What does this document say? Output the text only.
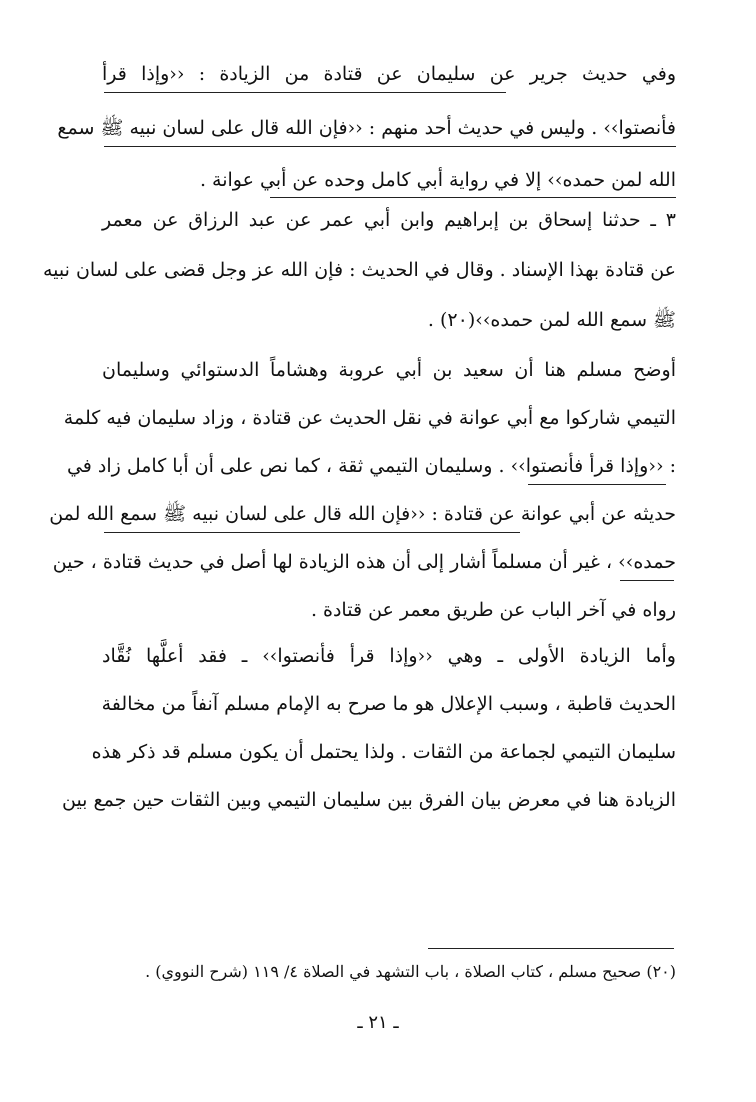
وفي حديث جرير عن سليمان عن قتادة من الزيادة : ‹‹وإذا قرأ
فأنصتوا›› . وليس في حديث أحد منهم : ‹‹فإن الله قال على لسان نبيه ﷺ سمع
الله لمن حمده›› إلا في رواية أبي كامل وحده عن أبي عوانة .
٣ ـ حدثنا إسحاق بن إبراهيم وابن أبي عمر عن عبد الرزاق عن معمر
عن قتادة بهذا الإسناد . وقال في الحديث : فإن الله عز وجل قضى على لسان نبيه
ﷺ سمع الله لمن حمده››(٢٠) .
أوضح مسلم هنا أن سعيد بن أبي عروبة وهشاماً الدستوائي وسليمان
التيمي شاركوا مع أبي عوانة في نقل الحديث عن قتادة ، وزاد سليمان فيه كلمة
: ‹‹وإذا قرأ فأنصتوا›› . وسليمان التيمي ثقة ، كما نص على أن أبا كامل زاد في
حديثه عن أبي عوانة عن قتادة : ‹‹فإن الله قال على لسان نبيه ﷺ سمع الله لمن
حمده›› ، غير أن مسلماً أشار إلى أن هذه الزيادة لها أصل في حديث قتادة ، حين
رواه في آخر الباب عن طريق معمر عن قتادة .
وأما الزيادة الأولى ـ وهي ‹‹وإذا قرأ فأنصتوا›› ـ فقد أعلَّها نُقَّاد
الحديث قاطبة ، وسبب الإعلال هو ما صرح به الإمام مسلم آنفاً من مخالفة
سليمان التيمي لجماعة من الثقات . ولذا يحتمل أن يكون مسلم قد ذكر هذه
الزيادة هنا في معرض بيان الفرق بين سليمان التيمي وبين الثقات حين جمع بين
(٢٠) صحيح مسلم ، كتاب الصلاة ، باب التشهد في الصلاة ٤/ ١١٩ (شرح النووي) .
ـ ٢١ ـ
